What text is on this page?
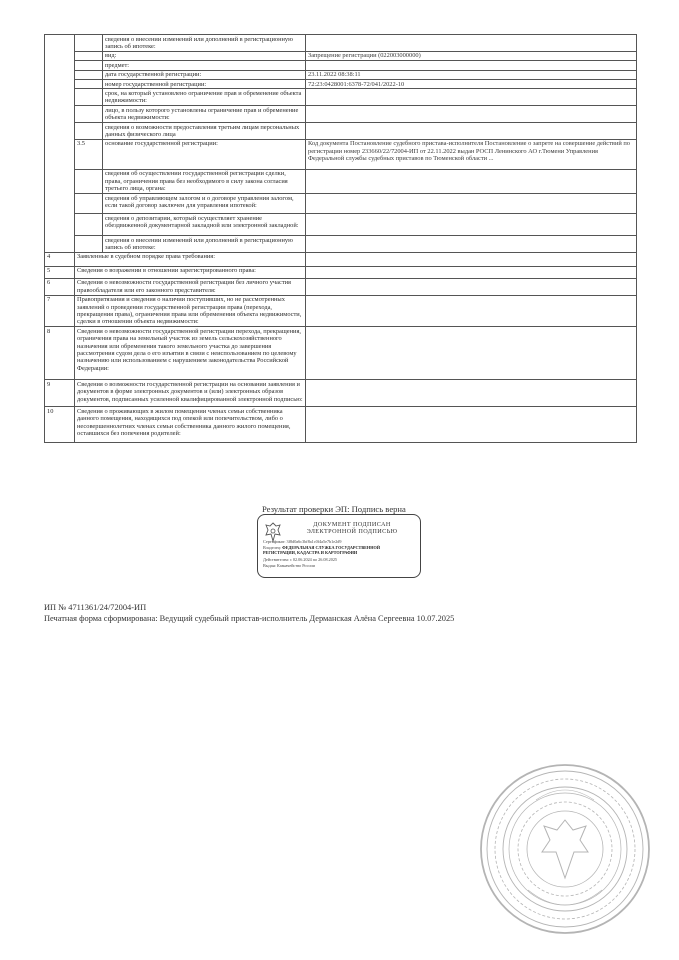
		сведения о внесении изменений или дополнений в регистрационную запись об ипотеке:	
		вид:	Запрещение регистрации (022003000000)
		предмет:	
		дата государственной регистрации:	23.11.2022 08:38:11
		номер государственной регистрации:	72:23:0428001:6378-72/041/2022-10
		срок, на который установлено ограничение прав и обременение объекта недвижимости:	
		лицо, в пользу которого установлены ограничение прав и обременение объекта недвижимости:	
		сведения о возможности предоставления третьим лицам персональных данных физического лица	
	3.5	основание государственной регистрации:	Код документа Постановление судебного пристава-исполнителя Постановление о запрете на совершение действий по регистрации номер 233660/22/72004-ИП от 22.11.2022 выдан РОСП Ленинского АО г.Тюмени Управления Федеральной службы судебных приставов по Тюменской области ...
		сведения об осуществлении государственной регистрации сделки, права, ограничения права без необходимого в силу закона согласия третьего лица, органа:	
		сведения об управляющем залогом и о договоре управления залогом, если такой договор заключен для управления ипотекой:	
		сведения о депозитарии, который осуществляет хранение обездвиженной документарной закладной или электронной закладной:	
		сведения о внесении изменений или дополнений в регистрационную запись об ипотеке:	
4	Заявленные в судебном порядке права требования:		
5	Сведения о возражении в отношении зарегистрированного права:		
6	Сведения о невозможности государственной регистрации без личного участия правообладателя или его законного представителя:		
7	Правопритязания и сведения о наличии поступивших, но не рассмотренных заявлений о проведении государственной регистрации права (перехода, прекращения права), ограничения права или обременения объекта недвижимости, сделки в отношении объекта недвижимости:		
8	Сведения о невозможности государственной регистрации перехода, прекращения, ограничения права на земельный участок из земель сельскохозяйственного назначения или обременения такого земельного участка до завершения рассмотрения судом дела о его изъятии в связи с неиспользованием по целевому назначению или использованием с нарушением законодательства Российской Федерации:		
9	Сведения о возможности государственной регистрации на основании заявления и документов в форме электронных документов и (или) электронных образов документов, подписанных усиленной квалифицированной электронной подписью:		
10	Сведения о проживающих в жилом помещении членах семьи собственника данного помещения, находящихся под опекой или попечительством, либо о несовершеннолетних членах семьи собственника данного жилого помещения, оставшихся без попечения родителей:		
Результат проверки ЭП: Подпись верна
ДОКУМЕНТ ПОДПИСАН
ЭЛЕКТРОННОЙ ПОДПИСЬЮ
Сертификат: 3f8d0a6c3bf8a1c0f4a5e7b1e2d9
Владелец: ФЕДЕРАЛЬНАЯ СЛУЖБА ГОСУДАРСТВЕННОЙ
РЕГИСТРАЦИИ, КАДАСТРА И КАРТОГРАФИИ
Действителен: с 02.06.2024 по 26.08.2025
Выдан: Казначейство России
ИП № 4711361/24/72004-ИП
Печатная форма сформирована: Ведущий судебный пристав-исполнитель Дерманская Алёна Сергеевна 10.07.2025
